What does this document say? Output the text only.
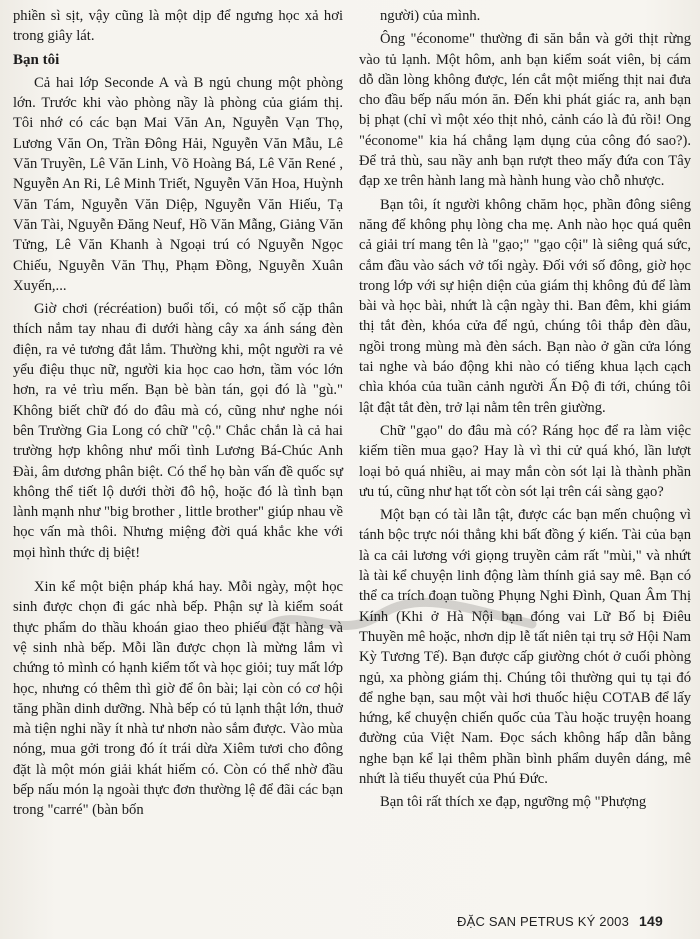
phiền sì sịt, vậy cũng là một dịp để ngưng học xả hơi trong giây lát.

Bạn tôi

Cả hai lớp Seconde A và B ngủ chung một phòng lớn. Trước khi vào phòng nầy là phòng của giám thị. Tôi nhớ có các bạn Mai Văn An, Nguyễn Vạn Thọ, Lương Văn On, Trần Đông Hải, Nguyễn Văn Mẫu, Lê Văn Truyền, Lê Văn Linh, Võ Hoàng Bá, Lê Văn René , Nguyễn An Ri, Lê Minh Triết, Nguyễn Văn Hoa, Huỳnh Văn Tám, Nguyễn Văn Diệp, Nguyễn Văn Hiếu, Tạ Văn Tài, Nguyễn Đăng Neuf, Hồ Văn Mẫng, Giảng Văn Tửng, Lê Văn Khanh à Ngoại trú có Nguyễn Ngọc Chiếu, Nguyễn Văn Thụ, Phạm Đồng, Nguyễn Xuân Xuyến,...

Giờ chơi (récréation) buổi tối, có một số cặp thân thích nắm tay nhau đi dưới hàng cây xa ánh sáng đèn điện, ra vẻ tương đắt lắm. Thường khi, một người ra vẻ yểu điệu thục nữ, người kia học cao hơn, tầm vóc lớn hơn, ra vẻ trìu mến. Bạn bè bàn tán, gọi đó là "gù." Không biết chữ đó do đâu mà có, cũng như nghe nói bên Trường Gia Long có chữ "cộ." Chắc chắn là cả hai trường hợp không như mối tình Lương Bá-Chúc Anh Đài, âm dương phân biệt. Có thể họ bàn vấn đề quốc sự không thể tiết lộ dưới thời đô hộ, hoặc đó là tình bạn lành mạnh như "big brother , little brother" giúp nhau về học vấn mà thôi. Nhưng miệng đời quá khắc khe với mọi hình thức dị biệt!

Xin kể một biện pháp khá hay. Mỗi ngày, một học sinh được chọn đi gác nhà bếp. Phận sự là kiểm soát thực phẩm do thầu khoán giao theo phiếu đặt hàng và vệ sinh nhà bếp. Mỗi lần được chọn là mừng lắm vì chứng tỏ mình có hạnh kiểm tốt và học giỏi; tuy mất lớp học, nhưng có thêm thì giờ để ôn bài; lại còn có cơ hội tăng phần dinh dưỡng. Nhà bếp có tủ lạnh thật lớn, thuở mà tiện nghi nầy ít nhà tư nhơn nào sắm được. Vào mùa nóng, mua gởi trong đó ít trái dừa Xiêm tươi cho đông đặt là một món giải khát hiếm có. Còn có thể nhờ đầu bếp nấu món lạ ngoài thực đơn thường lệ để đãi các bạn trong "carré" (bàn bốn

người) của mình.

Ông "économe" thường đi săn bắn và gởi thịt rừng vào tủ lạnh. Một hôm, anh bạn kiểm soát viên, bị cám dỗ dần lòng không được, lén cắt một miếng thịt nai đưa cho đầu bếp nấu món ăn. Đến khi phát giác ra, anh bạn bị phạt (chỉ vì một xéo thịt nhỏ, cảnh cáo là đủ rồi! Ong "économe" kia há chẳng lạm dụng của công đó sao?). Để trả thù, sau nầy anh bạn rượt theo mấy đứa con Tây đạp xe trên hành lang mà hành hung vào chỗ nhược.

Bạn tôi, ít người không chăm học, phần đông siêng năng để không phụ lòng cha mẹ. Anh nào học quá quên cả giải trí mang tên là "gạo;" "gạo cội" là siêng quá sức, cắm đầu vào sách vở tối ngày. Đối với số đông, giờ học trong lớp với sự hiện diện của giám thị không đủ để làm bài và học bài, nhứt là cận ngày thi. Ban đêm, khi giám thị tắt đèn, khóa cửa để ngủ, chúng tôi thắp đèn dầu, ngồi trong mùng mà đèn sách. Bạn nào ở gần cửa lóng tai nghe và báo động khi nào có tiếng khua lạch cạch chìa khóa của tuần cảnh người Ấn Độ đi tới, chúng tôi lật đật tắt đèn, trở lại nằm tên trên giường.

Chữ "gạo" do đâu mà có? Ráng học để ra làm việc kiếm tiền mua gạo? Hay là vì thi cử quá khó, lần lượt loại bỏ quá nhiều, ai may mắn còn sót lại là thành phần ưu tú, cũng như hạt tốt còn sót lại trên cái sàng gạo?

Một bạn có tài lẫn tật, được các bạn mến chuộng vì tánh bộc trực nói thẳng khi bất đồng ý kiến. Tài của bạn là ca cải lương với giọng truyền cảm rất "mùi," và nhứt là tài kể chuyện linh động làm thính giả say mê. Bạn có thể ca trích đoạn tuồng Phụng Nghi Đình, Quan Âm Thị Kính (Khi ở Hà Nội bạn đóng vai Lữ Bố bị Điêu Thuyền mê hoặc, nhơn dịp lễ tất niên tại trụ sở Hội Nam Kỳ Tương Tế). Bạn được cấp giường chót ở cuối phòng ngủ, xa phòng giám thị. Chúng tôi thường qui tụ tại đó để nghe bạn, sau một vài hơi thuốc hiệu COTAB để lấy hứng, kể chuyện chiến quốc của Tàu hoặc truyện hoang đường của Việt Nam. Đọc sách không hấp dẫn bằng nghe bạn kể lại thêm phần bình phẩm duyên dáng, mê nhứt là tiểu thuyết của Phú Đức.

Bạn tôi rất thích xe đạp, ngưỡng mộ "Phượng

ĐẶC SAN PETRUS KÝ 2003 149
